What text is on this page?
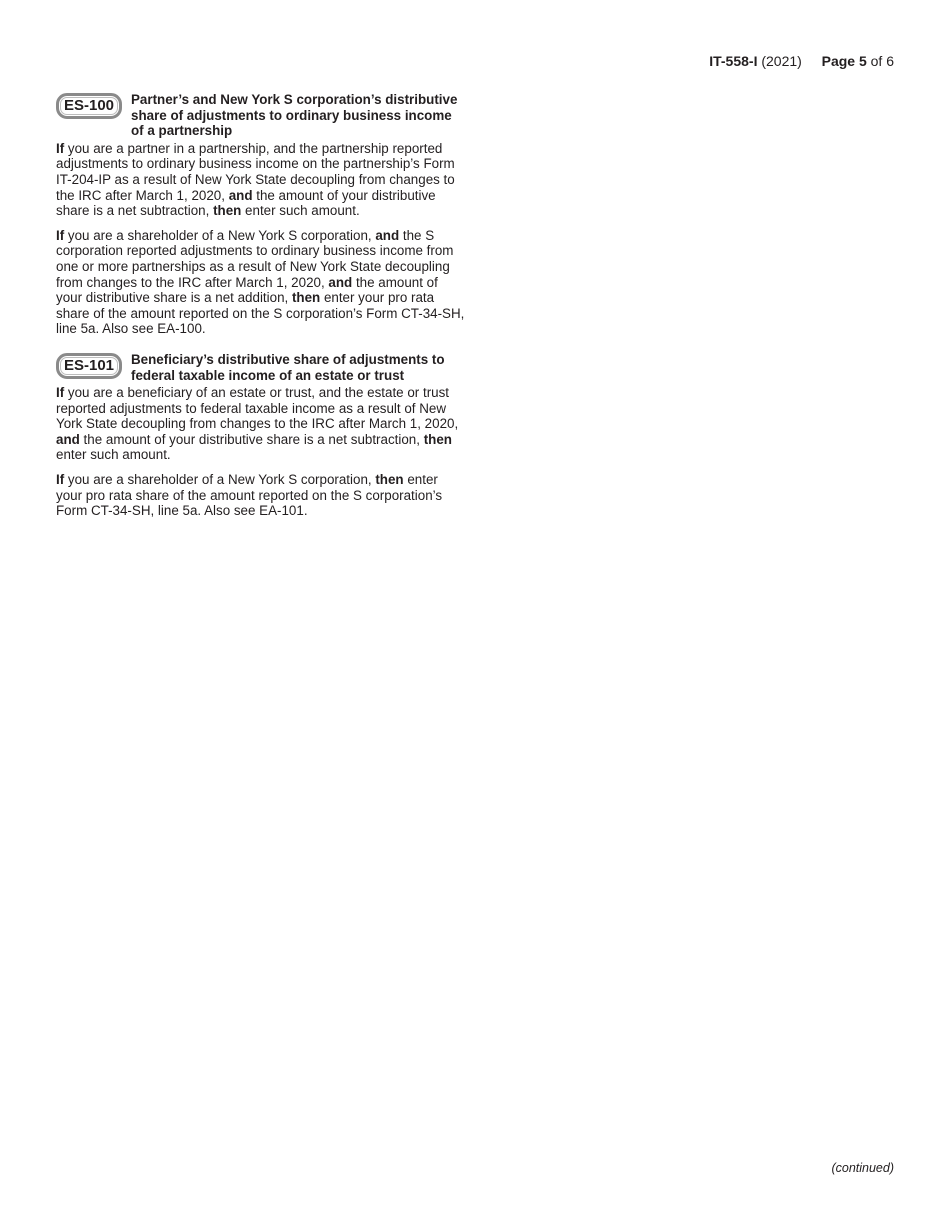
IT-558-I (2021) Page 5 of 6
ES-100	Partner’s and New York S corporation’s distributive share of adjustments to ordinary business income of a partnership

If you are a partner in a partnership, and the partnership reported adjustments to ordinary business income on the partnership’s Form IT-204-IP as a result of New York State decoupling from changes to the IRC after March 1, 2020, and the amount of your distributive share is a net subtraction, then enter such amount.

If you are a shareholder of a New York S corporation, and the S corporation reported adjustments to ordinary business income from one or more partnerships as a result of New York State decoupling from changes to the IRC after March 1, 2020, and the amount of your distributive share is a net addition, then enter your pro rata share of the amount reported on the S corporation’s Form CT-34-SH, line 5a. Also see EA-100.

ES-101	Beneficiary’s distributive share of adjustments to federal taxable income of an estate or trust

If you are a beneficiary of an estate or trust, and the estate or trust reported adjustments to federal taxable income as a result of New York State decoupling from changes to the IRC after March 1, 2020, and the amount of your distributive share is a net subtraction, then enter such amount.

If you are a shareholder of a New York S corporation, then enter your pro rata share of the amount reported on the S corporation’s Form CT-34-SH, line 5a. Also see EA-101.

(continued)
